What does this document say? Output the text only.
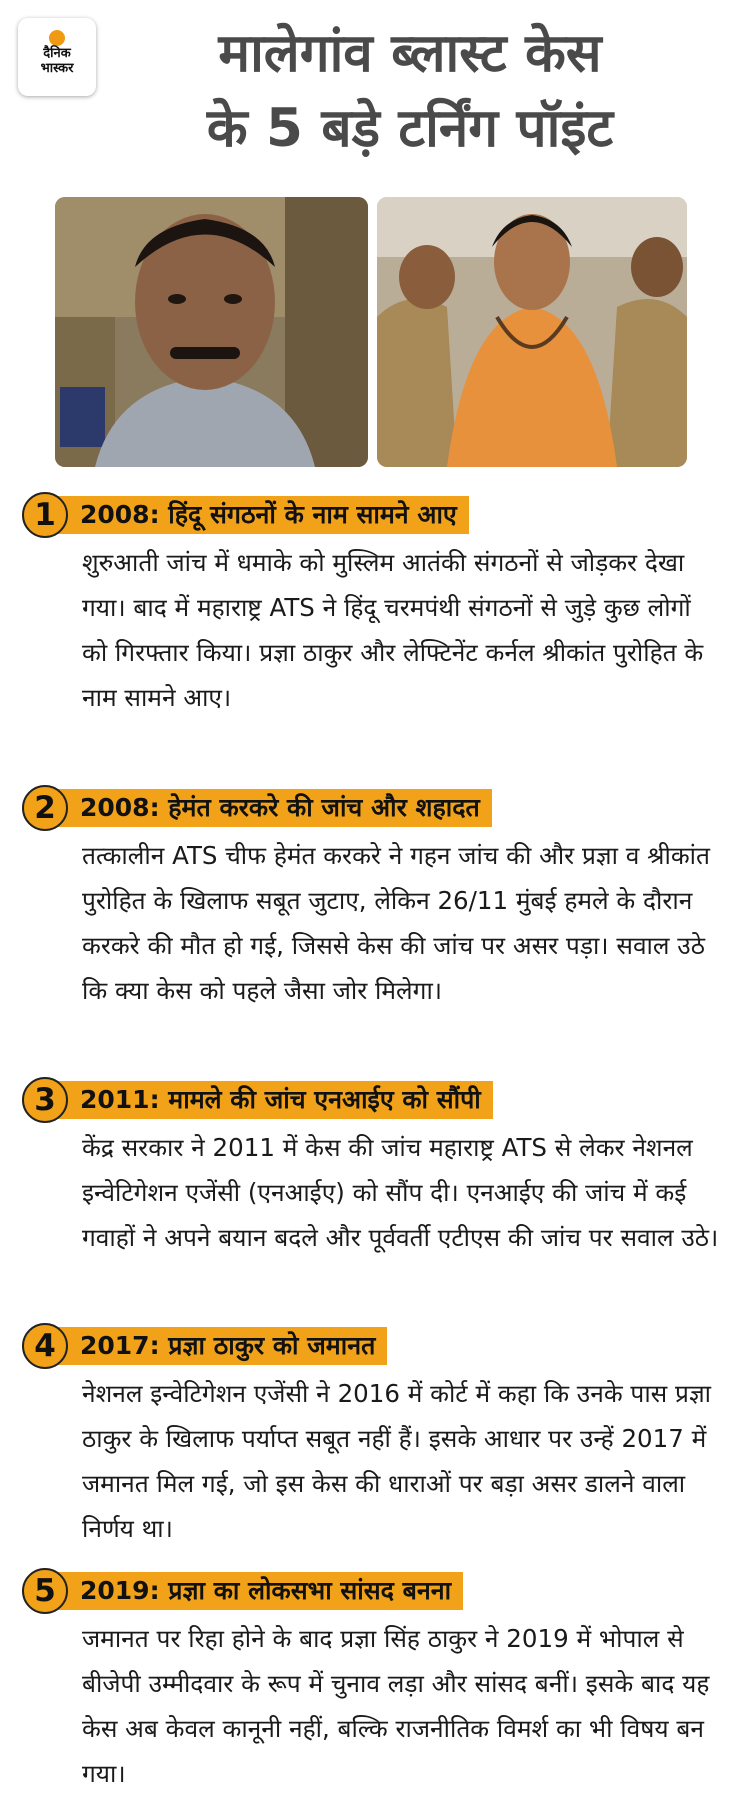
दैनिक
भास्कर	मालेगांव ब्लास्ट केस
के 5 बड़े टर्निंग पॉइंट
1 2008: हिंदू संगठनों के नाम सामने आए
शुरुआती जांच में धमाके को मुस्लिम आतंकी संगठनों से जोड़कर देखा गया। बाद में महाराष्ट्र ATS ने हिंदू चरमपंथी संगठनों से जुड़े कुछ लोगों को गिरफ्तार किया। प्रज्ञा ठाकुर और लेफ्टिनेंट कर्नल श्रीकांत पुरोहित के नाम सामने आए।
2 2008: हेमंत करकरे की जांच और शहादत
तत्कालीन ATS चीफ हेमंत करकरे ने गहन जांच की और प्रज्ञा व श्रीकांत पुरोहित के खिलाफ सबूत जुटाए, लेकिन 26/11 मुंबई हमले के दौरान करकरे की मौत हो गई, जिससे केस की जांच पर असर पड़ा। सवाल उठे कि क्या केस को पहले जैसा जोर मिलेगा।
3 2011: मामले की जांच एनआईए को सौंपी
केंद्र सरकार ने 2011 में केस की जांच महाराष्ट्र ATS से लेकर नेशनल इन्वेटिगेशन एजेंसी (एनआईए) को सौंप दी। एनआईए की जांच में कई गवाहों ने अपने बयान बदले और पूर्ववर्ती एटीएस की जांच पर सवाल उठे।
4 2017: प्रज्ञा ठाकुर को जमानत
नेशनल इन्वेटिगेशन एजेंसी ने 2016 में कोर्ट में कहा कि उनके पास प्रज्ञा ठाकुर के खिलाफ पर्याप्त सबूत नहीं हैं। इसके आधार पर उन्हें 2017 में जमानत मिल गई, जो इस केस की धाराओं पर बड़ा असर डालने वाला निर्णय था।
5 2019: प्रज्ञा का लोकसभा सांसद बनना
जमानत पर रिहा होने के बाद प्रज्ञा सिंह ठाकुर ने 2019 में भोपाल से बीजेपी उम्मीदवार के रूप में चुनाव लड़ा और सांसद बनीं। इसके बाद यह केस अब केवल कानूनी नहीं, बल्कि राजनीतिक विमर्श का भी विषय बन गया।
